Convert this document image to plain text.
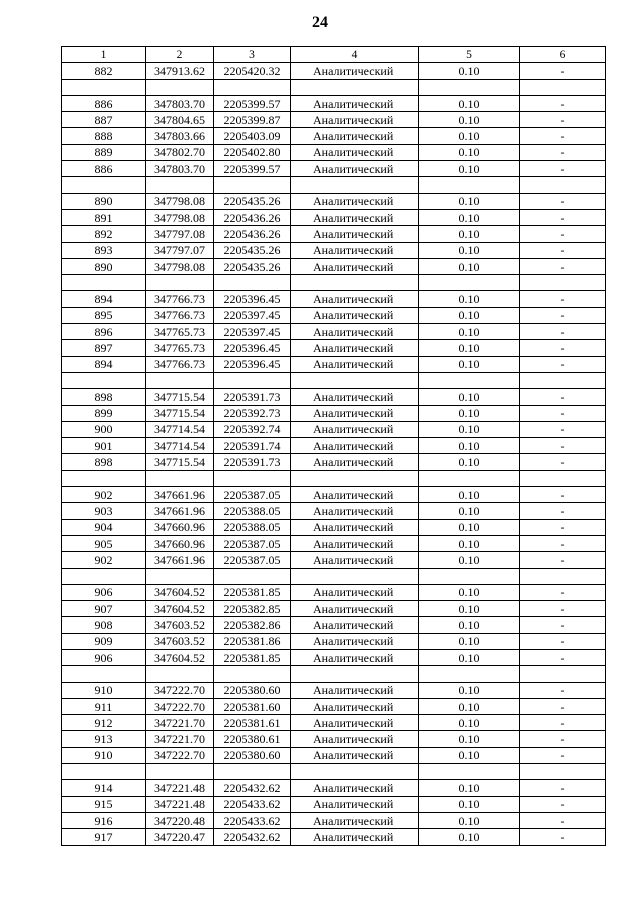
24
1	2	3	4	5	6
882	347913.62	2205420.32	Аналитический	0.10	-

886	347803.70	2205399.57	Аналитический	0.10	-
887	347804.65	2205399.87	Аналитический	0.10	-
888	347803.66	2205403.09	Аналитический	0.10	-
889	347802.70	2205402.80	Аналитический	0.10	-
886	347803.70	2205399.57	Аналитический	0.10	-

890	347798.08	2205435.26	Аналитический	0.10	-
891	347798.08	2205436.26	Аналитический	0.10	-
892	347797.08	2205436.26	Аналитический	0.10	-
893	347797.07	2205435.26	Аналитический	0.10	-
890	347798.08	2205435.26	Аналитический	0.10	-

894	347766.73	2205396.45	Аналитический	0.10	-
895	347766.73	2205397.45	Аналитический	0.10	-
896	347765.73	2205397.45	Аналитический	0.10	-
897	347765.73	2205396.45	Аналитический	0.10	-
894	347766.73	2205396.45	Аналитический	0.10	-

898	347715.54	2205391.73	Аналитический	0.10	-
899	347715.54	2205392.73	Аналитический	0.10	-
900	347714.54	2205392.74	Аналитический	0.10	-
901	347714.54	2205391.74	Аналитический	0.10	-
898	347715.54	2205391.73	Аналитический	0.10	-

902	347661.96	2205387.05	Аналитический	0.10	-
903	347661.96	2205388.05	Аналитический	0.10	-
904	347660.96	2205388.05	Аналитический	0.10	-
905	347660.96	2205387.05	Аналитический	0.10	-
902	347661.96	2205387.05	Аналитический	0.10	-

906	347604.52	2205381.85	Аналитический	0.10	-
907	347604.52	2205382.85	Аналитический	0.10	-
908	347603.52	2205382.86	Аналитический	0.10	-
909	347603.52	2205381.86	Аналитический	0.10	-
906	347604.52	2205381.85	Аналитический	0.10	-

910	347222.70	2205380.60	Аналитический	0.10	-
911	347222.70	2205381.60	Аналитический	0.10	-
912	347221.70	2205381.61	Аналитический	0.10	-
913	347221.70	2205380.61	Аналитический	0.10	-
910	347222.70	2205380.60	Аналитический	0.10	-

914	347221.48	2205432.62	Аналитический	0.10	-
915	347221.48	2205433.62	Аналитический	0.10	-
916	347220.48	2205433.62	Аналитический	0.10	-
917	347220.47	2205432.62	Аналитический	0.10	-
